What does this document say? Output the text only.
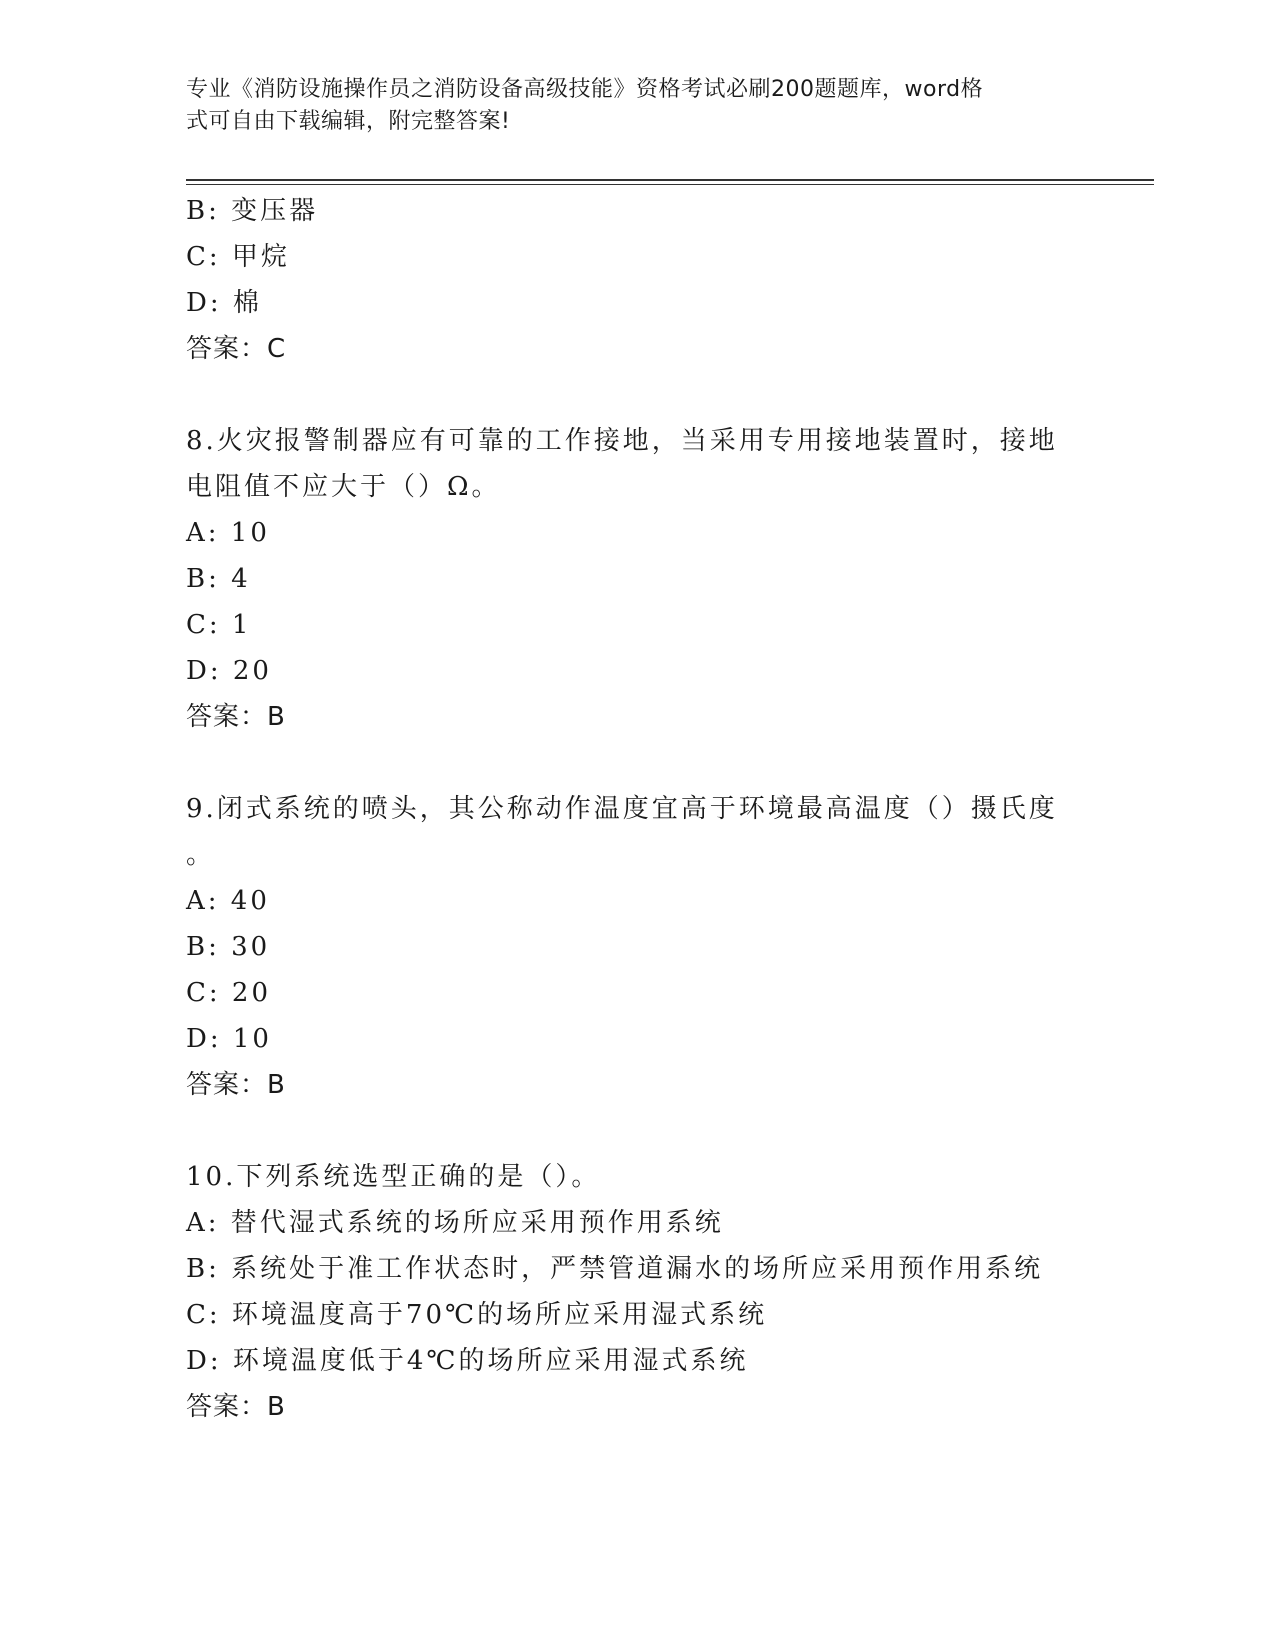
专业《消防设施操作员之消防设备高级技能》资格考试必刷200题题库，word格
式可自由下载编辑，附完整答案!
B: 变压器
C: 甲烷
D: 棉
答案：C
8.火灾报警制器应有可靠的工作接地，当采用专用接地装置时，接地
电阻值不应大于（）Ω。
A: 10
B: 4
C: 1
D: 20
答案：B
9.闭式系统的喷头，其公称动作温度宜高于环境最高温度（）摄氏度
。
A: 40
B: 30
C: 20
D: 10
答案：B
10.下列系统选型正确的是（）。
A: 替代湿式系统的场所应采用预作用系统
B: 系统处于准工作状态时，严禁管道漏水的场所应采用预作用系统
C: 环境温度高于70℃的场所应采用湿式系统
D: 环境温度低于4℃的场所应采用湿式系统
答案：B
